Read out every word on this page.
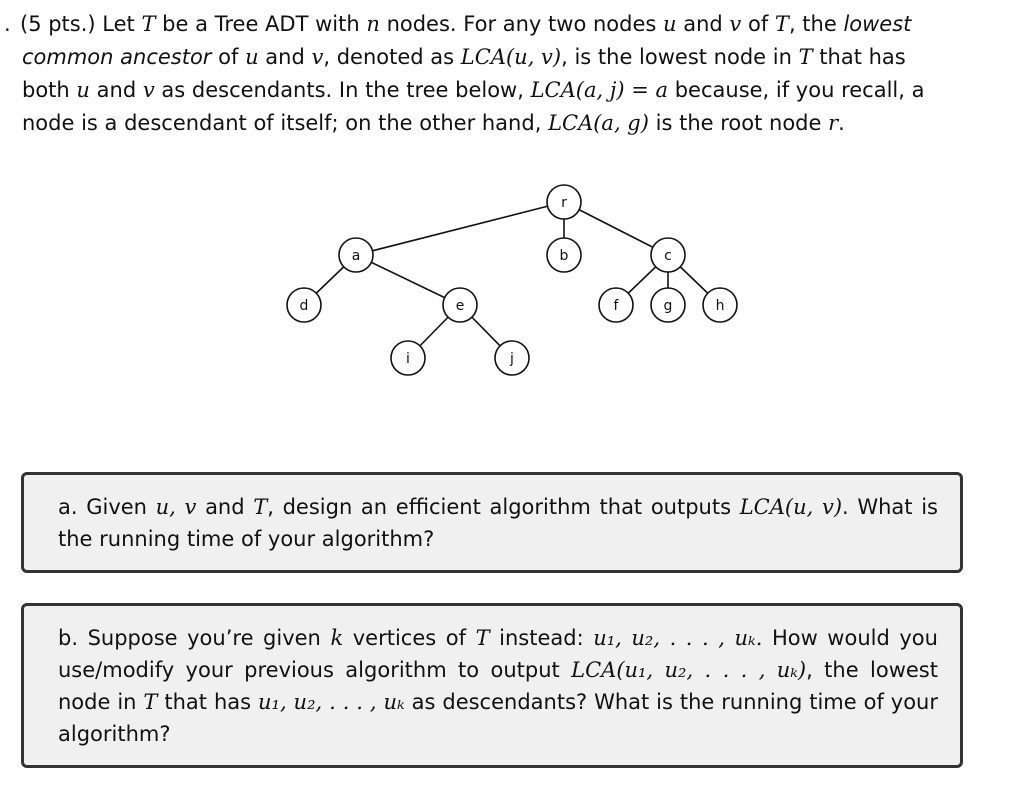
. (5 pts.) Let T be a Tree ADT with n nodes. For any two nodes u and v of T, the lowest
common ancestor of u and v, denoted as LCA(u, v), is the lowest node in T that has
both u and v as descendants. In the tree below, LCA(a, j) = a because, if you recall, a
node is a descendant of itself; on the other hand, LCA(a, g) is the root node r.
r
a	b	c
d	e	f	g	h
i	j
a. Given u, v and T, design an efficient algorithm that outputs LCA(u, v). What is
the running time of your algorithm?
b. Suppose you’re given k vertices of T instead: u₁, u₂, . . . , uₖ. How would you
use/modify your previous algorithm to output LCA(u₁, u₂, . . . , uₖ), the lowest
node in T that has u₁, u₂, . . . , uₖ as descendants? What is the running time of your
algorithm?
